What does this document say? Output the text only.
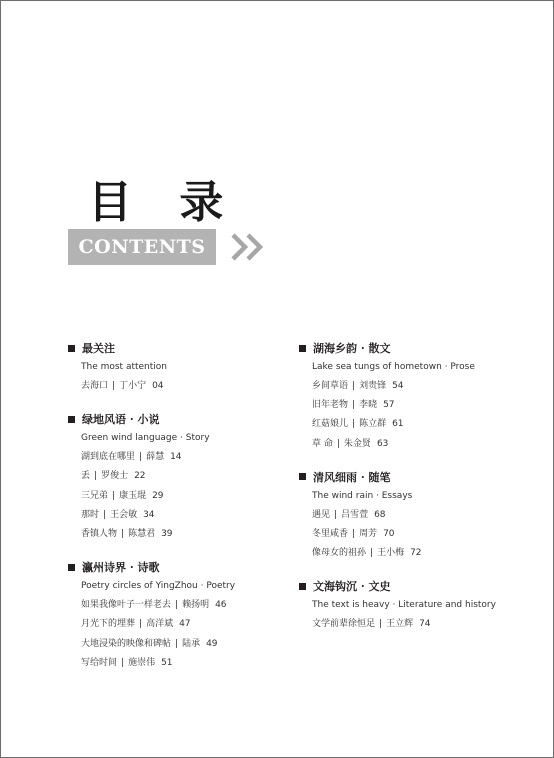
目 录
CONTENTS
最关注
The most attention
去海口 | 丁小宁 04
绿地风语 · 小说
Green wind language · Story
湖到底在哪里 | 薛慧 14
丢 | 罗俊士 22
三兄弟 | 康玉琨 29
那时 | 王会敏 34
香镇人物 | 陈慧君 39
瀛州诗界 · 诗歌
Poetry circles of YingZhou · Poetry
如果我像叶子一样老去 | 赖扬明 46
月光下的埋葬 | 高洋斌 47
大地浸染的映像和碑帖 | 陆承 49
写给时间 | 施崇伟 51
湖海乡韵 · 散文
Lake sea tungs of hometown · Prose
乡间草语 | 刘贵锋 54
旧年老物 | 李晓 57
红菇娘儿 | 陈立群 61
草 命 | 朱金贤 63
清风细雨 · 随笔
The wind rain · Essays
遇见 | 吕雪萱 68
冬里咸香 | 周芳 70
像母女的祖孙 | 王小梅 72
文海钩沉 · 文史
The text is heavy · Literature and history
文学前辈徐恒足 | 王立辉 74
